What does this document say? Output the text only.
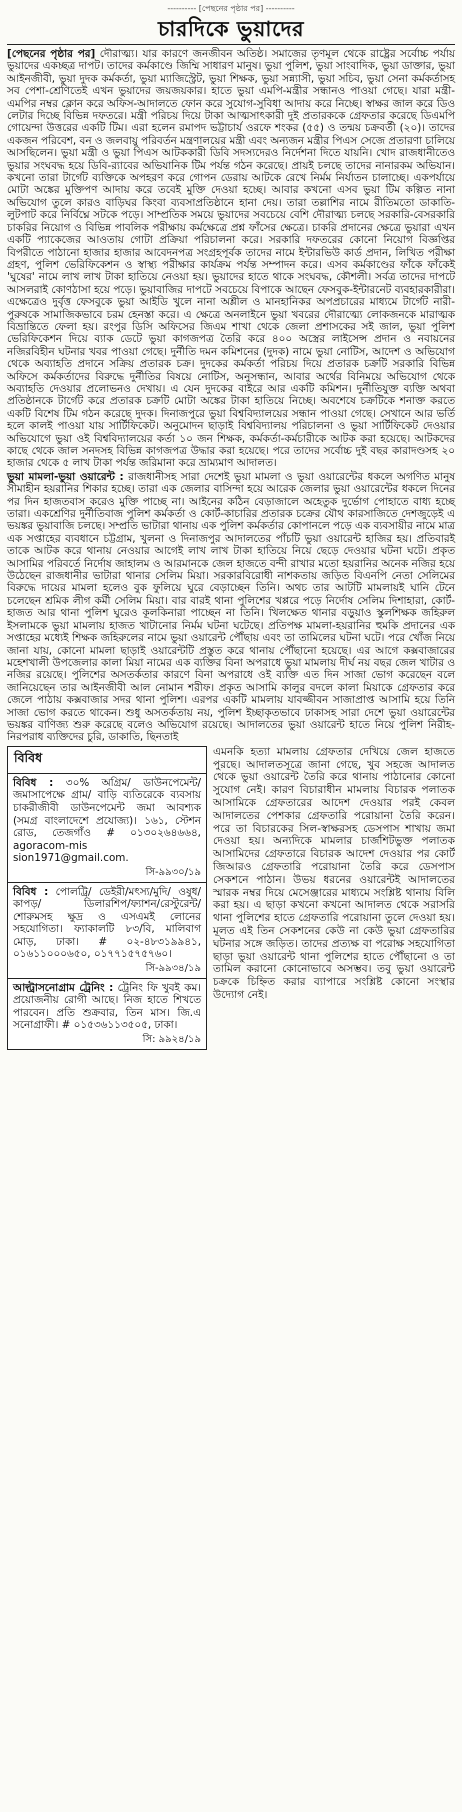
---------- [পেছনের পৃষ্ঠার পর] ----------
চারদিকে ভুয়াদের

[পেছনের পৃষ্ঠার পর] দৌরাত্ম্য। যার কারণে জনজীবন অতিষ্ঠ। সমাজের তৃণমূল থেকে রাষ্ট্রের সর্বোচ্চ পর্যায় ভুয়াদের একচ্ছত্র দাপট। তাদের কর্মকাণ্ডে জিম্মি সাধারণ মানুষ। ভুয়া পুলিশ, ভুয়া সাংবাদিক, ভুয়া ডাক্তার, ভুয়া আইনজীবী, ভুয়া দুদক কর্মকর্তা, ভুয়া ম্যাজিস্ট্রেট, ভুয়া শিক্ষক, ভুয়া সন্ন্যাসী, ভুয়া সচিব, ভুয়া সেনা কর্মকর্তাসহ সব পেশা-শ্রেণিতেই এখন ভুয়াদের জয়জয়কার। হাতে ভুয়া এমপি-মন্ত্রীর সন্ধানও পাওয়া গেছে। যারা মন্ত্রী-এমপির নম্বর ক্লোন করে অফিস-আদালতে ফোন করে সুযোগ-সুবিধা আদায় করে নিচ্ছে। স্বাক্ষর জাল করে ডিও লেটার দিচ্ছে বিভিন্ন দফতরে। মন্ত্রী পরিচয় দিয়ে টাকা আত্মসাৎকারী দুই প্রতারককে গ্রেফতার করেছে ডিএমপি গোয়েন্দা উত্তরের একটি টিম। এরা হলেন রমাপদ ভট্টাচার্য ওরফে শংকর (৫৫) ও তন্ময় চক্রবর্তী (২০)। তাদের একজন পরিবেশ, বন ও জলবায়ু পরিবর্তন মন্ত্রণালয়ের মন্ত্রী এবং অন্যজন মন্ত্রীর পিএস সেজে প্রতারণা চালিয়ে আসছিলেন। ভুয়া মন্ত্রী ও ভুয়া পিএস আটককারী ডিবি সদস্যদেরও নির্দেশনা দিতে যায়নি। খোদ রাজধানীতেও ভুয়ার সংঘবদ্ধ হয়ে ডিবি-র‍্যাবের অভিযানিক টিম পর্যন্ত গঠন করেছে। প্রায়ই চলছে তাদের নানারকম অভিযান। কখনো তারা টার্গেট ব্যক্তিকে অপহরণ করে গোপন ডেরায় আটকে রেখে নির্মম নির্যাতন চালাচ্ছে। একপর্যায়ে মোটা অঙ্কের মুক্তিপণ আদায় করে তবেই মুক্তি দেওয়া হচ্ছে। আবার কখনো এসব ভুয়া টিম কল্পিত নানা অভিযোগ তুলে কারও বাড়িঘর কিংবা ব্যবসাপ্রতিষ্ঠানে হানা দেয়। তারা তল্লাশির নামে রীতিমতো ডাকাতি-লুটপাট করে নির্বিঘ্নে সটকে পড়ে। সাম্প্রতিক সময়ে ভুয়াদের সবচেয়ে বেশি দৌরাত্ম্য চলছে সরকারি-বেসরকারি চাকরির নিয়োগ ও বিভিন্ন পাবলিক পরীক্ষায় কর্মক্ষেত্রে প্রশ্ন ফাঁসের ক্ষেত্রে। চাকরি প্রদানের ক্ষেত্রে ভুয়ারা এখন একটি প্যাকেজের আওতায় গোটা প্রক্রিয়া পরিচালনা করে। সরকারি দফতরের কোনো নিয়োগ বিজ্ঞপ্তির বিপরীতে পাঠানো হাজার হাজার আবেদনপত্র সংগ্রহপূর্বক তাদের নামে ইন্টারভিউ কার্ড প্রদান, লিখিত পরীক্ষা গ্রহণ, পুলিশ ভেরিফিকেশন ও স্বাস্থ্য পরীক্ষার কার্যক্রম পর্যন্ত সম্পাদন করে। এসব কর্মকাণ্ডের ফাঁকে ফাঁকেই 'ঘুষের' নামে লাখ লাখ টাকা হাতিয়ে নেওয়া হয়। ভুয়াদের হাতে থাকে সংঘবদ্ধ, কৌশলী। সর্বত্র তাদের দাপটে আসলরাই কোণঠাসা হয়ে পড়ে। ভুয়াবাজির দাপটে সবচেয়ে বিপাকে আছেন ফেসবুক-ইন্টারনেট ব্যবহারকারীরা। এক্ষেত্রেও দুর্বৃত্ত ফেসবুকে ভুয়া আইডি খুলে নানা অশ্লীল ও মানহানিকর অপপ্রচারের মাধ্যমে টার্গেট নারী-পুরুষকে সামাজিকভাবে চরম হেনস্তা করে। এ ক্ষেত্রে অনলাইনে ভুয়া খবরের দৌরাত্ম্যে লোকজনকে মারাত্মক বিভ্রান্তিতে ফেলা হয়। রংপুর ডিসি অফিসের জিএম শাখা থেকে জেলা প্রশাসকের সই জাল, ভুয়া পুলিশ ভেরিফিকেশন দিয়ে ব্যাক ডেটে ভুয়া কাগজপত্র তৈরি করে ৪০০ অস্ত্রের লাইসেন্স প্রদান ও নবায়নের নজিরবিহীন ঘটনার খবর পাওয়া গেছে। দুর্নীতি দমন কমিশনের (দুদক) নামে ভুয়া নোটিস, আদেশ ও অভিযোগ থেকে অব্যাহতি প্রদানে সক্রিয় প্রতারক চক্র। দুদকের কর্মকর্তা পরিচয় দিয়ে প্রতারক চক্রটি সরকারি বিভিন্ন অফিসে কর্মকর্তাদের বিরুদ্ধে দুর্নীতির বিষয়ে নোটিস, অনুসন্ধান, আবার অর্থের বিনিময়ে অভিযোগ থেকে অব্যাহতি দেওয়ার প্রলোভনও দেখায়। এ যেন দুদকের বাইরে আর একটি কমিশন। দুর্নীতিযুক্ত ব্যক্তি অথবা প্রতিষ্ঠানকে টার্গেট করে প্রতারক চক্রটি মোটা অঙ্কের টাকা হাতিয়ে নিচ্ছে। অবশেষে চক্রটিকে শনাক্ত করতে একটি বিশেষ টিম গঠন করেছে দুদক। দিনাজপুরে ভুয়া বিশ্ববিদ্যালয়ের সন্ধান পাওয়া গেছে। সেখানে আর ভর্তি হলে কালই পাওয়া যায় সার্টিফিকেট। অনুমোদন ছাড়াই বিশ্ববিদ্যালয় পরিচালনা ও ভুয়া সার্টিফিকেট দেওয়ার অভিযোগে ভুয়া ওই বিশ্ববিদ্যালয়ের কর্তা ১০ জন শিক্ষক, কর্মকর্তা-কর্মচারীকে আটক করা হয়েছে। আটকদের কাছে থেকে জাল সনদসহ বিভিন্ন কাগজপত্র উদ্ধার করা হয়েছে। পরে তাদের সর্বোচ্চ দুই বছর কারাদণ্ডসহ ২০ হাজার থেকে ৫ লাখ টাকা পর্যন্ত জরিমানা করে ভ্রাম্যমাণ আদালত।

ভুয়া মামলা-ভুয়া ওয়ারেন্ট : রাজধানীসহ সারা দেশেই ভুয়া মামলা ও ভুয়া ওয়ারেন্টের ধকলে অগণিত মানুষ সীমাহীন হয়রানির শিকার হচ্ছে। তারা এক জেলার বাসিন্দা হয়ে আরেক জেলার ভুয়া ওয়ারেন্টের ধকলে দিনের পর দিন হাজতবাস করেও মুক্তি পাচ্ছে না। আইনের কঠিন বেড়াজালে অহেতুক দুর্ভোগ পোহাতে বাধ্য হচ্ছে তারা। একশ্রেণির দুর্নীতিবাজ পুলিশ কর্মকর্তা ও কোর্ট-কাচারির প্রতারক চক্রের যৌথ কারসাজিতে দেশজুড়েই এ ভয়ঙ্কর ভুয়াবাজি চলছে। সম্প্রতি ভাটারা থানায় এক পুলিশ কর্মকর্তার কোপানলে পড়ে এক ব্যবসায়ীর নামে মাত্র এক সপ্তাহের ব্যবধানে চট্টগ্রাম, খুলনা ও দিনাজপুর আদালতের পাঁচটি ভুয়া ওয়ারেন্ট হাজির হয়। প্রতিবারই তাকে আটক করে থানায় নেওয়ার আগেই লাখ লাখ টাকা হাতিয়ে নিয়ে ছেড়ে দেওয়ার ঘটনা ঘটে। প্রকৃত আসামির পরিবর্তে নির্দোষ জাহালম ও আরমানকে জেল হাজতে বন্দী রাখার মতো হয়রানির অনেক নজির হয়ে উঠেছেন রাজধানীর ভাটারা থানার সেলিম মিয়া। সরকারবিরোধী নাশকতায় জড়িত বিএনপি নেতা সেলিমের বিরুদ্ধে দায়ের মামলা হলেও বুক ফুলিয়ে ঘুরে বেড়াচ্ছেন তিনি। অথচ তার আটটি মামলায়ই ঘানি টেনে চলেছেন শ্রমিক লীগ কর্মী সেলিম মিয়া। বার বারই থানা পুলিশের খপ্পরে পড়ে নির্দোষ সেলিম দিশাহারা, কোর্ট-হাজত আর থানা পুলিশ ঘুরেও কূলকিনারা পাচ্ছেন না তিনি। খিলক্ষেত থানার বড়ুয়াও স্কুলশিক্ষক জহিরুল ইসলামকে ভুয়া মামলায় হাজত খাটানোর নির্মম ঘটনা ঘটেছে। প্রতিপক্ষ মামলা-হয়রানির হুমকি প্রদানের এক সপ্তাহের মধ্যেই শিক্ষক জহিরুলের নামে ভুয়া ওয়ারেন্ট পৌঁছায় এবং তা তামিলের ঘটনা ঘটে। পরে খোঁজ নিয়ে জানা যায়, কোনো মামলা ছাড়াই ওয়ারেন্টটি প্রস্তুত করে থানায় পৌঁছানো হয়েছে। এর আগে কক্সবাজারের মহেশখালী উপজেলার কালা মিয়া নামের এক ব্যক্তির বিনা অপরাধে ভুয়া মামলায় দীর্ঘ নয় বছর জেল খাটার ও নজির রয়েছে। পুলিশের অসতর্কতার কারণে বিনা অপরাধে ওই ব্যক্তি এত দিন সাজা ভোগ করেছেন বলে জানিয়েছেন তার আইনজীবী আল নোমান শরীফ। প্রকৃত আসামি কালুর বদলে কালা মিয়াকে গ্রেফতার করে জেলে পাঠায় কক্সবাজার সদর থানা পুলিশ। এরপর একটি মামলায় যাবজ্জীবন সাজাপ্রাপ্ত আসামি হয়ে তিনি সাজা ভোগ করতে থাকেন। শুধু অসতর্কতায় নয়, পুলিশ ইচ্ছাকৃতভাবে ঢাকাসহ সারা দেশে ভুয়া ওয়ারেন্টের ভয়ঙ্কর বাণিজ্য শুরু করেছে বলেও অভিযোগ রয়েছে। আদালতের ভুয়া ওয়ারেন্ট হাতে নিয়ে পুলিশ নিরীহ-নিরপরাধ ব্যক্তিদের চুরি, ডাকাতি, ছিনতাই

বিবিধ
বিবিধ : ৩০% অগ্রিম/ ডাউনপেমেন্ট/জমাসাপেক্ষে গ্রাম/ বাড়ি ব্যতিরেকে ব্যবসায় চাকরীজীবী ডাউনপেমেন্ট জমা আবশ্যক (সমগ্র বাংলাদেশে প্রযোজ্য)। ১৬১, স্টেশন রোড, তেজগাঁও # ০১৩০২৬৪৬৬৪, agoracom-mis sion1971@gmail.com.
সি-৯৯৩০/১৯
বিবিধ : পোলট্রি/ ডেইরী/মৎস্য/মুদি/ ওষুধ/ কাপড়/ ডিলারশিপ/ফ্যাশন/রেস্টুরেন্ট/ শোরুমসহ ক্ষুদ্র ও এসএমই লোনের সহযোগিতা। ফ্যাকালটি ৮৩/বি, মালিবাগ মোড়, ঢাকা। # ০২-৪৮৩১৯৯৪১, ০১৬১১০০০৬৫০, ০১৭৭১৫৭৫৭৬০।
সি-৯৯৩৪/১৯
আল্ট্রাসনোগ্রাম ট্রেনিং : ট্রেনিং ফি খুবই কম। প্রয়োজনীয় রোগী আছে। নিজ হাতে শিখতে পারবেন। প্রতি শুক্রবার, তিন মাস। জি.এ সনোগ্রাফী। # ০১৫৩৬১১৩৫০৫, ঢাকা।
সি: ৯৯২৪/১৯
এমনকি হত্যা মামলায় গ্রেফতার দেখিয়ে জেল হাজতে পুরছে। আদালতসূত্রে জানা গেছে, খুব সহজে আদালত থেকে ভুয়া ওয়ারেন্ট তৈরি করে থানায় পাঠানোর কোনো সুযোগ নেই। কারণ বিচারাধীন মামলায় বিচারক পলাতক আসামিকে গ্রেফতারের আদেশ দেওয়ার পরই কেবল আদালতের পেশকার গ্রেফতারি পরোয়ানা তৈরি করেন। পরে তা বিচারকের সিল-স্বাক্ষরসহ ডেসপাস শাখায় জমা দেওয়া হয়। অন্যদিকে মামলার চার্জশিটভুক্ত পলাতক আসামিদের গ্রেফতারে বিচারক আদেশ দেওয়ার পর কোর্ট জিআরও গ্রেফতারি পরোয়ানা তৈরি করে ডেসপাস সেকশনে পাঠান। উভয় ধরনের ওয়ারেন্টই আদালতের স্মারক নম্বর দিয়ে মেসেঞ্জারের মাধ্যমে সংশ্লিষ্ট থানায় বিলি করা হয়। এ ছাড়া কখনো কখনো আদালত থেকে সরাসরি থানা পুলিশের হাতে গ্রেফতারি পরোয়ানা তুলে দেওয়া হয়। মূলত এই তিন সেকশনের কেউ না কেউ ভুয়া গ্রেফতারির ঘটনার সঙ্গে জড়িত। তাদের প্রত্যক্ষ বা পরোক্ষ সহযোগিতা ছাড়া ভুয়া ওয়ারেন্ট থানা পুলিশের হাতে পৌঁছানো ও তা তামিল করানো কোনোভাবে অসম্ভব। তবু ভুয়া ওয়ারেন্ট চক্রকে চিহ্নিত করার ব্যাপারে সংশ্লিষ্ট কোনো সংস্থার উদ্যোগ নেই।
